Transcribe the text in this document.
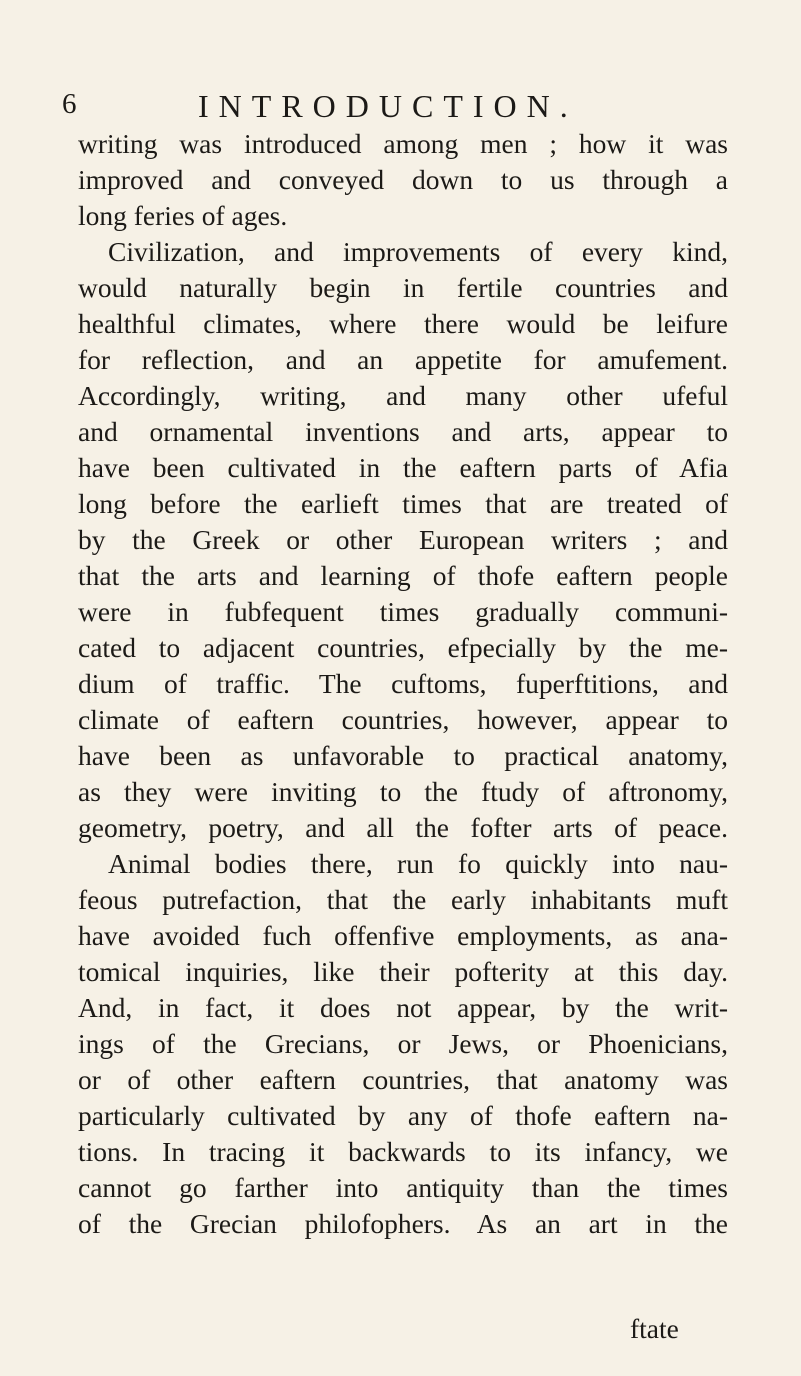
6	INTRODUCTION.
writing was introduced among men ; how it was
improved and conveyed down to us through a
long feries of ages.
Civilization, and improvements of every kind,
would naturally begin in fertile countries and
healthful climates, where there would be leifure
for reflection, and an appetite for amufement.
Accordingly, writing, and many other ufeful
and ornamental inventions and arts, appear to
have been cultivated in the eaftern parts of Afia
long before the earlieft times that are treated of
by the Greek or other European writers ; and
that the arts and learning of thofe eaftern people
were in fubfequent times gradually communi-
cated to adjacent countries, efpecially by the me-
dium of traffic. The cuftoms, fuperftitions, and
climate of eaftern countries, however, appear to
have been as unfavorable to practical anatomy,
as they were inviting to the ftudy of aftronomy,
geometry, poetry, and all the fofter arts of peace.
Animal bodies there, run fo quickly into nau-
feous putrefaction, that the early inhabitants muft
have avoided fuch offenfive employments, as ana-
tomical inquiries, like their pofterity at this day.
And, in fact, it does not appear, by the writ-
ings of the Grecians, or Jews, or Phoenicians,
or of other eaftern countries, that anatomy was
particularly cultivated by any of thofe eaftern na-
tions. In tracing it backwards to its infancy, we
cannot go farther into antiquity than the times
of the Grecian philofophers. As an art in the
ftate
